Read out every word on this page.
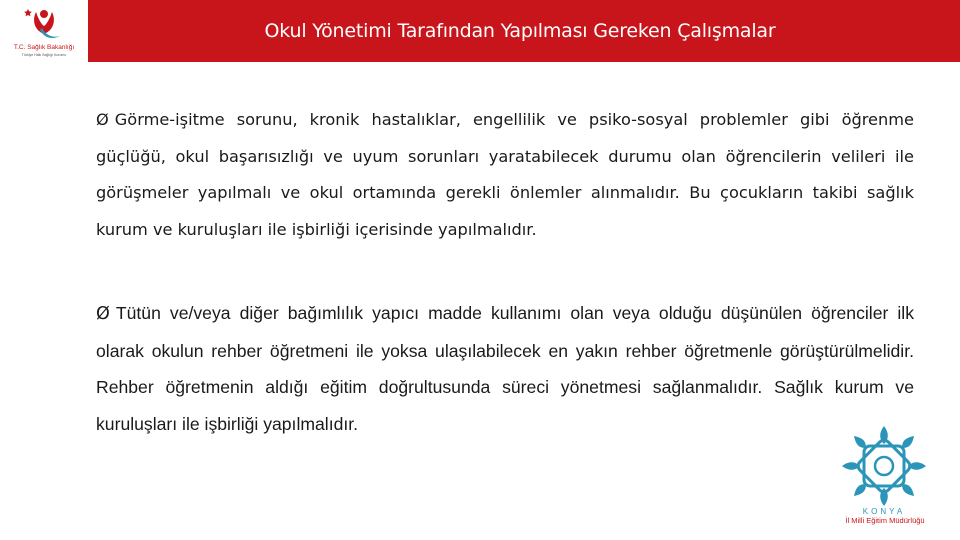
T.C. Sağlık Bakanlığı
Türkiye Halk Sağlığı Kurumu
Okul Yönetimi Tarafından Yapılması Gereken Çalışmalar

Ø Görme-işitme sorunu, kronik hastalıklar, engellilik ve psiko-sosyal problemler gibi öğrenme güçlüğü, okul başarısızlığı ve uyum sorunları yaratabilecek durumu olan öğrencilerin velileri ile görüşmeler yapılmalı ve okul ortamında gerekli önlemler alınmalıdır. Bu çocukların takibi sağlık kurum ve kuruluşları ile işbirliği içerisinde yapılmalıdır.

Ø Tütün ve/veya diğer bağımlılık yapıcı madde kullanımı olan veya olduğu düşünülen öğrenciler ilk olarak okulun rehber öğretmeni ile yoksa ulaşılabilecek en yakın rehber öğretmenle görüştürülmelidir. Rehber öğretmenin aldığı eğitim doğrultusunda süreci yönetmesi sağlanmalıdır. Sağlık kurum ve kuruluşları ile işbirliği yapılmalıdır.

KONYA
İl Milli Eğitim Müdürlüğü
